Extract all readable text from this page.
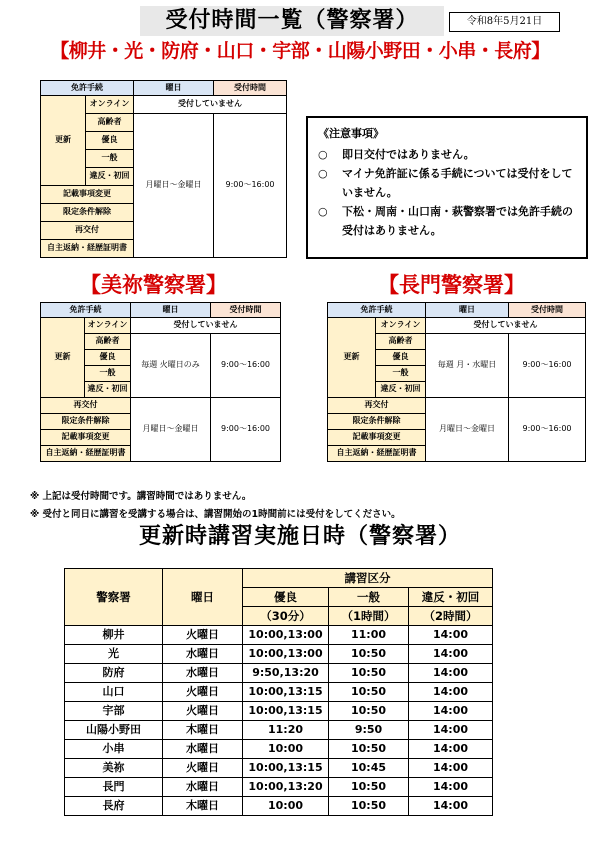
受付時間一覧（警察署）	令和8年5月21日
【柳井・光・防府・山口・宇部・山陽小野田・小串・長府】
免許手続		曜日	受付時間
更新	オンライン	受付していません	
	高齢者	月曜日～金曜日	9:00～16:00
	優良		
	一般		
	違反・初回		
記載事項変更			
限定条件解除			
再交付			
自主返納・経歴証明書			
《注意事項》
○ 即日交付ではありません。
○ マイナ免許証に係る手続については受付をしていません。
○ 下松・周南・山口南・萩警察署では免許手続の受付はありません。
【美祢警察署】
免許手続		曜日	受付時間
更新	オンライン	受付していません	
	高齢者	毎週 火曜日のみ	9:00～16:00
	優良		
	一般		
	違反・初回		
再交付		月曜日～金曜日	9:00～16:00
限定条件解除			
記載事項変更			
自主返納・経歴証明書			
【長門警察署】
免許手続		曜日	受付時間
更新	オンライン	受付していません	
	高齢者	毎週 月・水曜日	9:00～16:00
	優良		
	一般		
	違反・初回		
再交付		月曜日～金曜日	9:00～16:00
限定条件解除			
記載事項変更			
自主返納・経歴証明書			
※ 上記は受付時間です。講習時間ではありません。
※ 受付と同日に講習を受講する場合は、講習開始の1時間前には受付をしてください。
更新時講習実施日時（警察署）
警察署	曜日	講習区分		
		優良	一般	違反・初回
		（30分）	（1時間）	（2時間）
柳井	火曜日	10:00,13:00	11:00	14:00
光	水曜日	10:00,13:00	10:50	14:00
防府	水曜日	9:50,13:20	10:50	14:00
山口	火曜日	10:00,13:15	10:50	14:00
宇部	火曜日	10:00,13:15	10:50	14:00
山陽小野田	木曜日	11:20	9:50	14:00
小串	水曜日	10:00	10:50	14:00
美祢	火曜日	10:00,13:15	10:45	14:00
長門	水曜日	10:00,13:20	10:50	14:00
長府	木曜日	10:00	10:50	14:00
